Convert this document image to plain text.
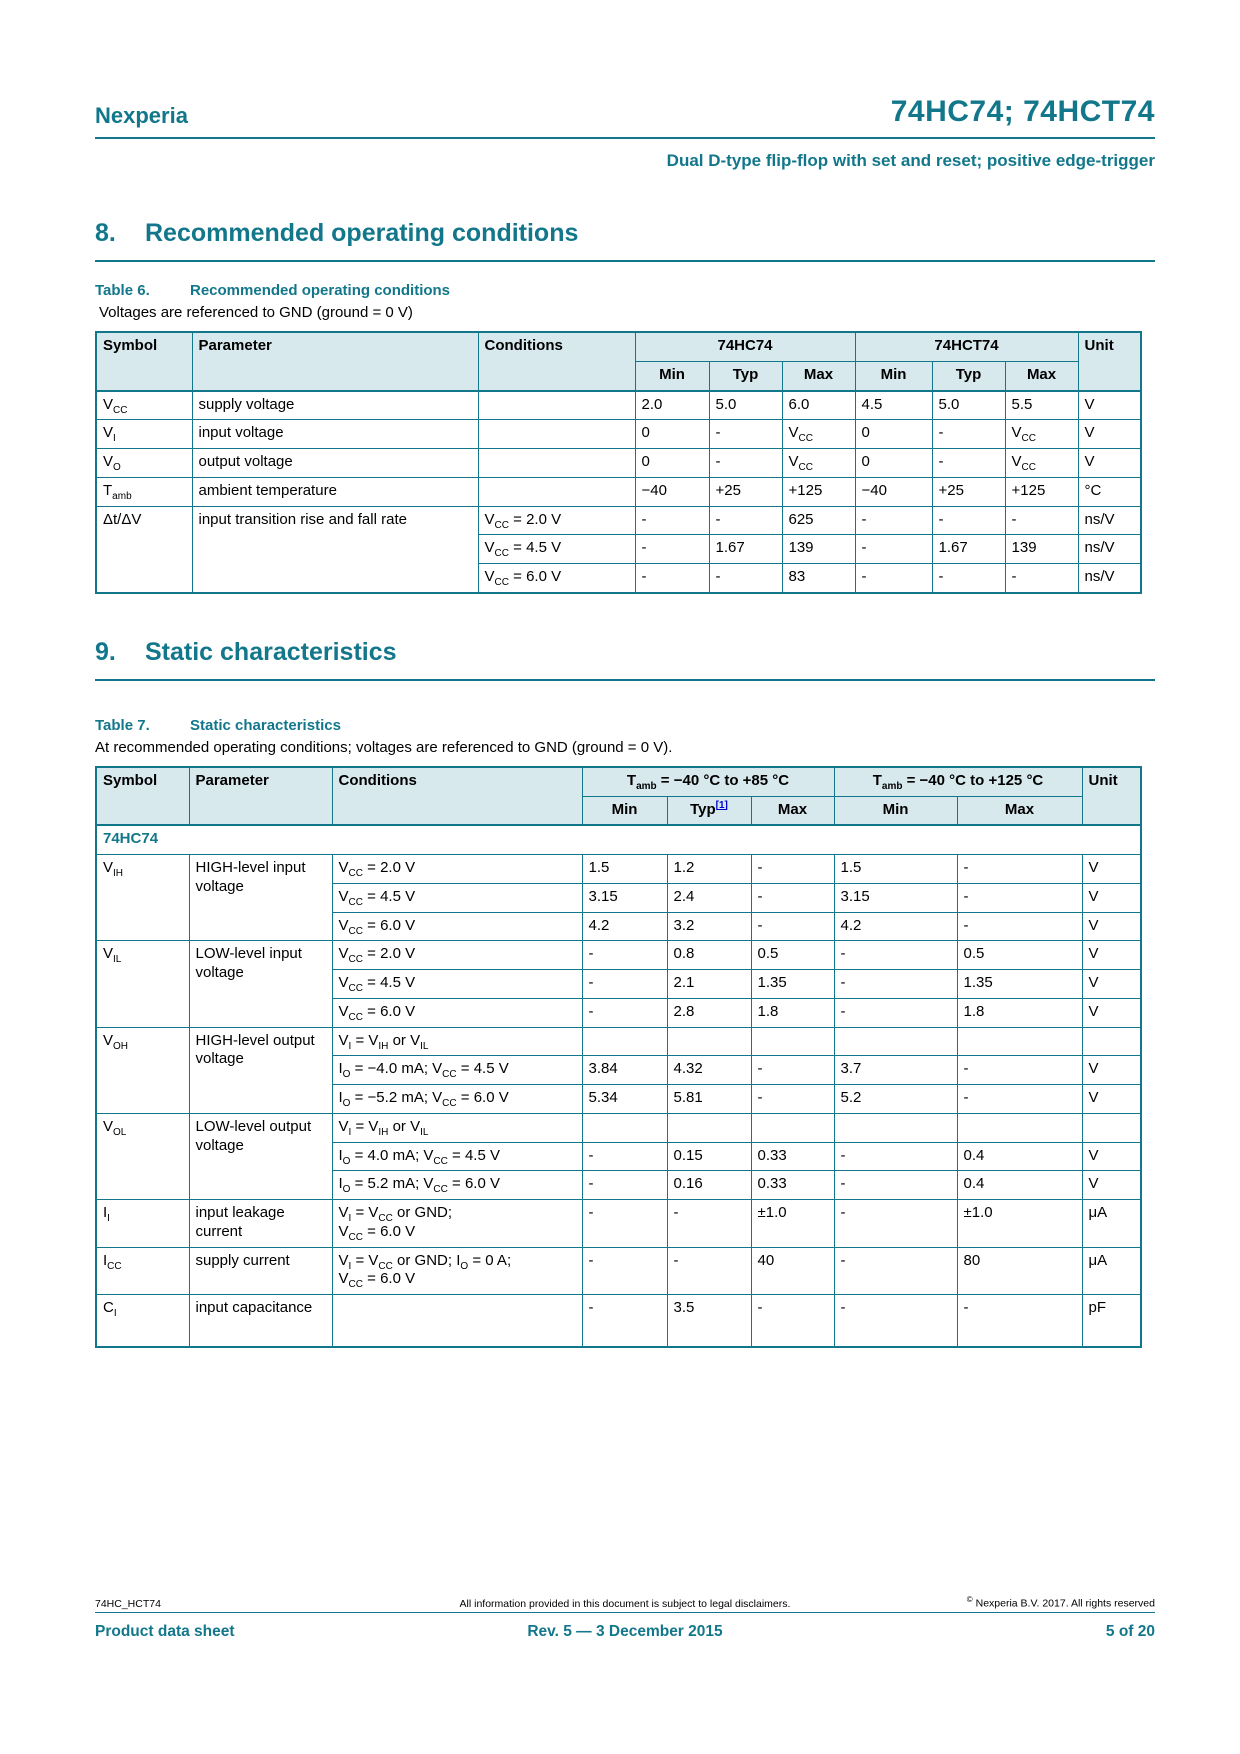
Nexperia	74HC74; 74HCT74
Dual D-type flip-flop with set and reset; positive edge-trigger
8.	Recommended operating conditions
Table 6.	Recommended operating conditions
Voltages are referenced to GND (ground = 0 V)
Symbol	Parameter	Conditions	74HC74			74HCT74			Unit
			Min	Typ	Max	Min	Typ	Max	
$V_{CC}$	supply voltage		2.0	5.0	6.0	4.5	5.0	5.5	V
$V_I$	input voltage		0	-	$V_{CC}$	0	-	$V_{CC}$	V
$V_O$	output voltage		0	-	$V_{CC}$	0	-	$V_{CC}$	V
$T_{amb}$	ambient temperature		−40	+25	+125	−40	+25	+125	°C
Δt/ΔV	input transition rise and fall rate	$V_{CC} = 2.0$ V	-	-	625	-	-	-	ns/V
		$V_{CC} = 4.5$ V	-	1.67	139	-	1.67	139	ns/V
		$V_{CC} = 6.0$ V	-	-	83	-	-	-	ns/V
9.	Static characteristics
Table 7.	Static characteristics
At recommended operating conditions; voltages are referenced to GND (ground = 0 V).
Symbol	Parameter	Conditions	$T_{amb} = -40$ °C to +85 °C			$T_{amb} = -40$ °C to +125 °C		Unit
			Min	Typ[1]	Max	Min	Max	
74HC74								
$V_{IH}$	HIGH-level input voltage	$V_{CC} = 2.0$ V	1.5	1.2	-	1.5	-	V
		$V_{CC} = 4.5$ V	3.15	2.4	-	3.15	-	V
		$V_{CC} = 6.0$ V	4.2	3.2	-	4.2	-	V
$V_{IL}$	LOW-level input voltage	$V_{CC} = 2.0$ V	-	0.8	0.5	-	0.5	V
		$V_{CC} = 4.5$ V	-	2.1	1.35	-	1.35	V
		$V_{CC} = 6.0$ V	-	2.8	1.8	-	1.8	V
$V_{OH}$	HIGH-level output voltage	$V_I = V_{IH}$ or $V_{IL}$						
		$I_O = -4.0$ mA; $V_{CC} = 4.5$ V	3.84	4.32	-	3.7	-	V
		$I_O = -5.2$ mA; $V_{CC} = 6.0$ V	5.34	5.81	-	5.2	-	V
$V_{OL}$	LOW-level output voltage	$V_I = V_{IH}$ or $V_{IL}$						
		$I_O = 4.0$ mA; $V_{CC} = 4.5$ V	-	0.15	0.33	-	0.4	V
		$I_O = 5.2$ mA; $V_{CC} = 6.0$ V	-	0.16	0.33	-	0.4	V
$I_I$	input leakage current	$V_I = V_{CC}$ or GND;
$V_{CC} = 6.0$ V	-	-	±1.0	-	±1.0	μA
$I_{CC}$	supply current	$V_I = V_{CC}$ or GND; $I_O = 0$ A;
$V_{CC} = 6.0$ V	-	-	40	-	80	μA
$C_I$	input capacitance		-	3.5	-	-	-	pF
74HC_HCT74	All information provided in this document is subject to legal disclaimers.	© Nexperia B.V. 2017. All rights reserved
Product data sheet	Rev. 5 — 3 December 2015	5 of 20
